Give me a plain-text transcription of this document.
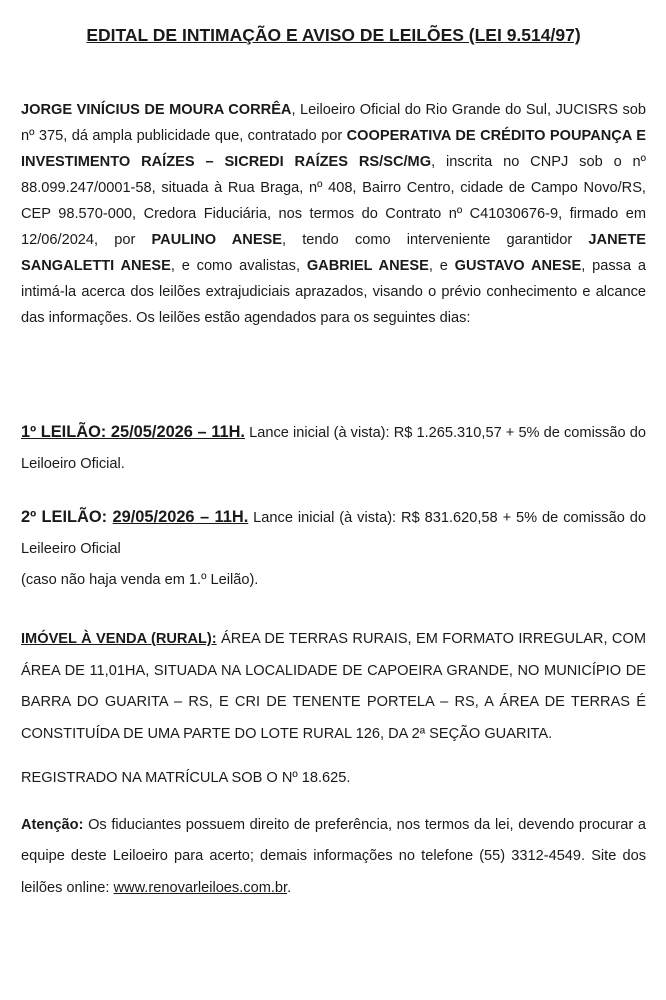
EDITAL DE INTIMAÇÃO E AVISO DE LEILÕES (LEI 9.514/97)

JORGE VINÍCIUS DE MOURA CORRÊA, Leiloeiro Oficial do Rio Grande do Sul, JUCISRS sob nº 375, dá ampla publicidade que, contratado por COOPERATIVA DE CRÉDITO POUPANÇA E INVESTIMENTO RAÍZES – SICREDI RAÍZES RS/SC/MG, inscrita no CNPJ sob o nº 88.099.247/0001-58, situada à Rua Braga, nº 408, Bairro Centro, cidade de Campo Novo/RS, CEP 98.570-000, Credora Fiduciária, nos termos do Contrato nº C41030676-9, firmado em 12/06/2024, por PAULINO ANESE, tendo como interveniente garantidor JANETE SANGALETTI ANESE, e como avalistas, GABRIEL ANESE, e GUSTAVO ANESE, passa a intimá-la acerca dos leilões extrajudiciais aprazados, visando o prévio conhecimento e alcance das informações. Os leilões estão agendados para os seguintes dias:

1º LEILÃO: 25/05/2026 – 11H. Lance inicial (à vista): R$ 1.265.310,57 + 5% de comissão do Leiloeiro Oficial.

2º LEILÃO: 29/05/2026 – 11H. Lance inicial (à vista): R$ 831.620,58 + 5% de comissão do Leileeiro Oficial
(caso não haja venda em 1.º Leilão).

IMÓVEL À VENDA (RURAL): ÁREA DE TERRAS RURAIS, EM FORMATO IRREGULAR, COM ÁREA DE 11,01HA, SITUADA NA LOCALIDADE DE CAPOEIRA GRANDE, NO MUNICÍPIO DE BARRA DO GUARITA – RS, E CRI DE TENENTE PORTELA – RS, A ÁREA DE TERRAS É CONSTITUÍDA DE UMA PARTE DO LOTE RURAL 126, DA 2ª SEÇÃO GUARITA.

REGISTRADO NA MATRÍCULA SOB O Nº 18.625.

Atenção: Os fiduciantes possuem direito de preferência, nos termos da lei, devendo procurar a equipe deste Leiloeiro para acerto; demais informações no telefone (55) 3312-4549. Site dos leilões online: www.renovarleiloes.com.br.
